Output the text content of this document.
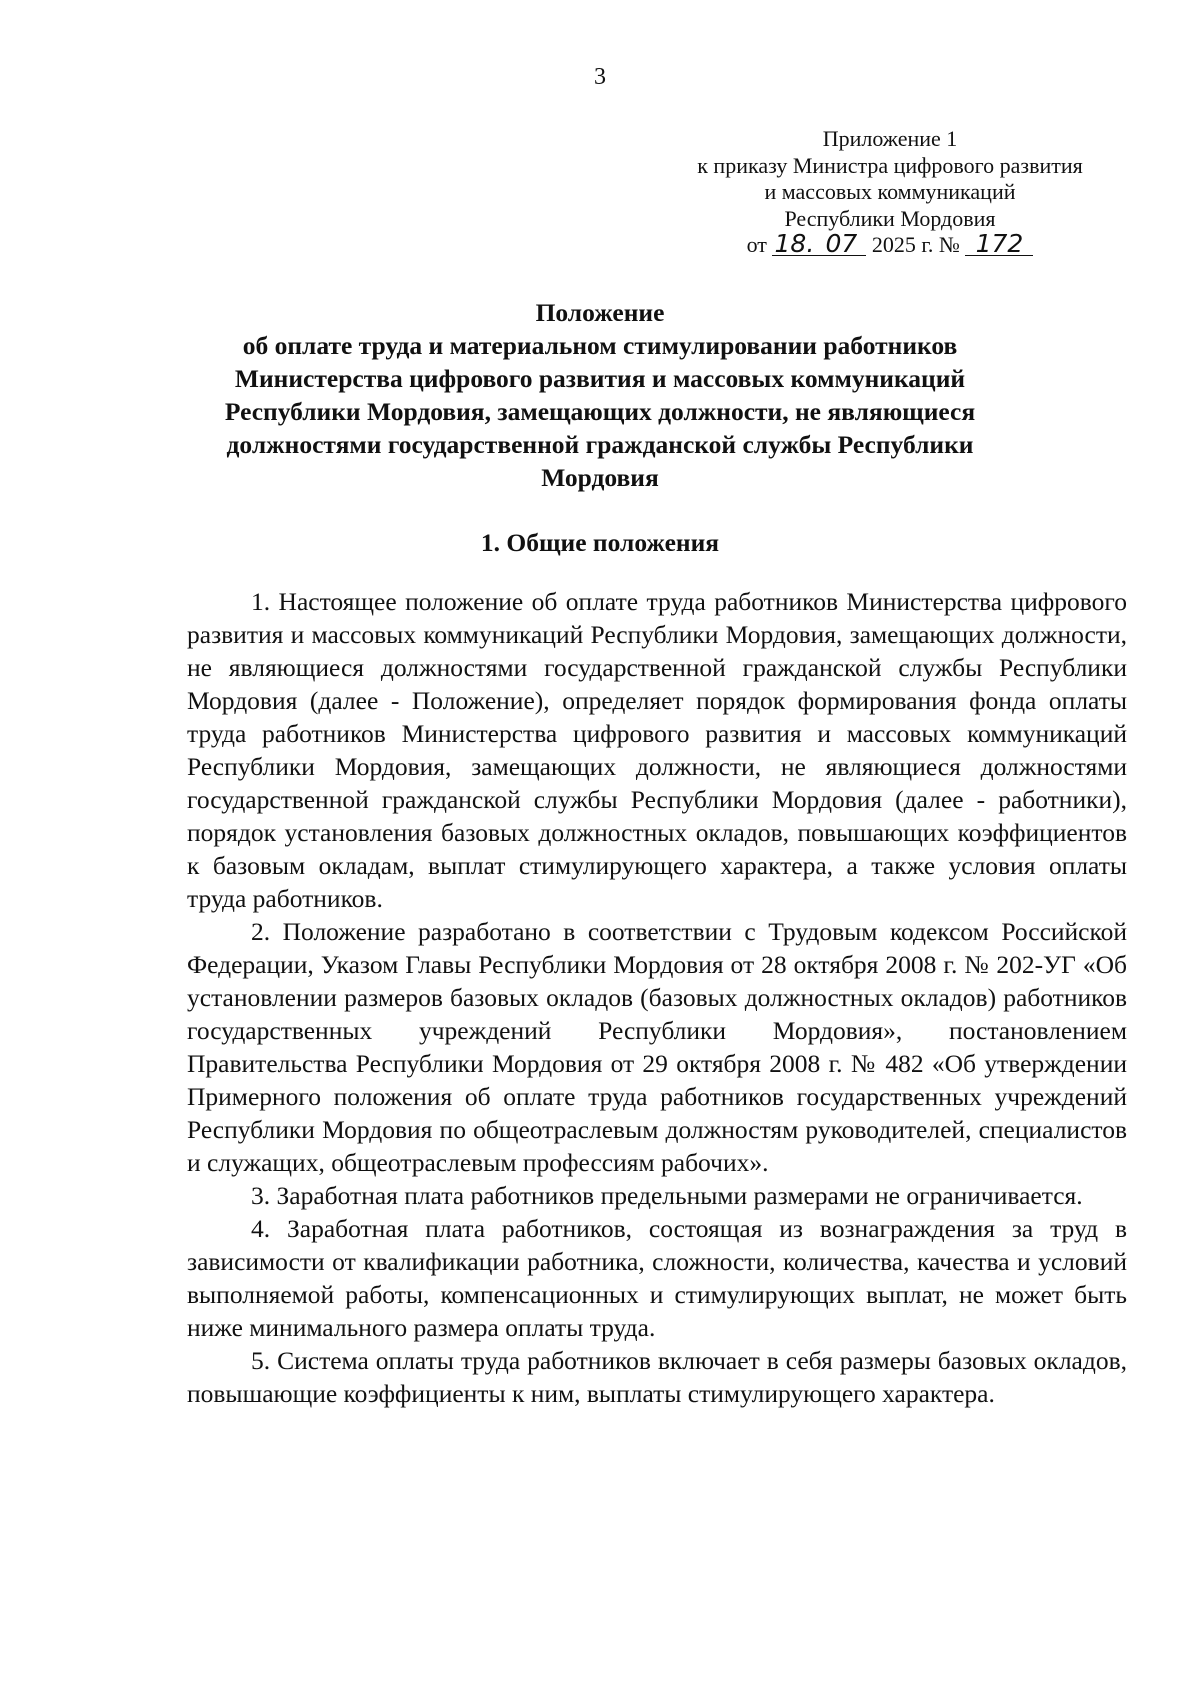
3
Приложение 1
к приказу Министра цифрового развития
и массовых коммуникаций
Республики Мордовия
от 18. 07 2025 г. № 172
Положение
об оплате труда и материальном стимулировании работников
Министерства цифрового развития и массовых коммуникаций
Республики Мордовия, замещающих должности, не являющиеся
должностями государственной гражданской службы Республики
Мордовия
1. Общие положения

1. Настоящее положение об оплате труда работников Министерства цифрового развития и массовых коммуникаций Республики Мордовия, замещающих должности, не являющиеся должностями государственной гражданской службы Республики Мордовия (далее - Положение), определяет порядок формирования фонда оплаты труда работников Министерства цифрового развития и массовых коммуникаций Республики Мордовия, замещающих должности, не являющиеся должностями государственной гражданской службы Республики Мордовия (далее - работники), порядок установления базовых должностных окладов, повышающих коэффициентов к базовым окладам, выплат стимулирующего характера, а также условия оплаты труда работников.

2. Положение разработано в соответствии с Трудовым кодексом Российской Федерации, Указом Главы Республики Мордовия от 28 октября 2008 г. № 202-УГ «Об установлении размеров базовых окладов (базовых должностных окладов) работников государственных учреждений Республики Мордовия», постановлением Правительства Республики Мордовия от 29 октября 2008 г. № 482 «Об утверждении Примерного положения об оплате труда работников государственных учреждений Республики Мордовия по общеотраслевым должностям руководителей, специалистов и служащих, общеотраслевым профессиям рабочих».

3. Заработная плата работников предельными размерами не ограничивается.

4. Заработная плата работников, состоящая из вознаграждения за труд в зависимости от квалификации работника, сложности, количества, качества и условий выполняемой работы, компенсационных и стимулирующих выплат, не может быть ниже минимального размера оплаты труда.

5. Система оплаты труда работников включает в себя размеры базовых окладов, повышающие коэффициенты к ним, выплаты стимулирующего характера.
